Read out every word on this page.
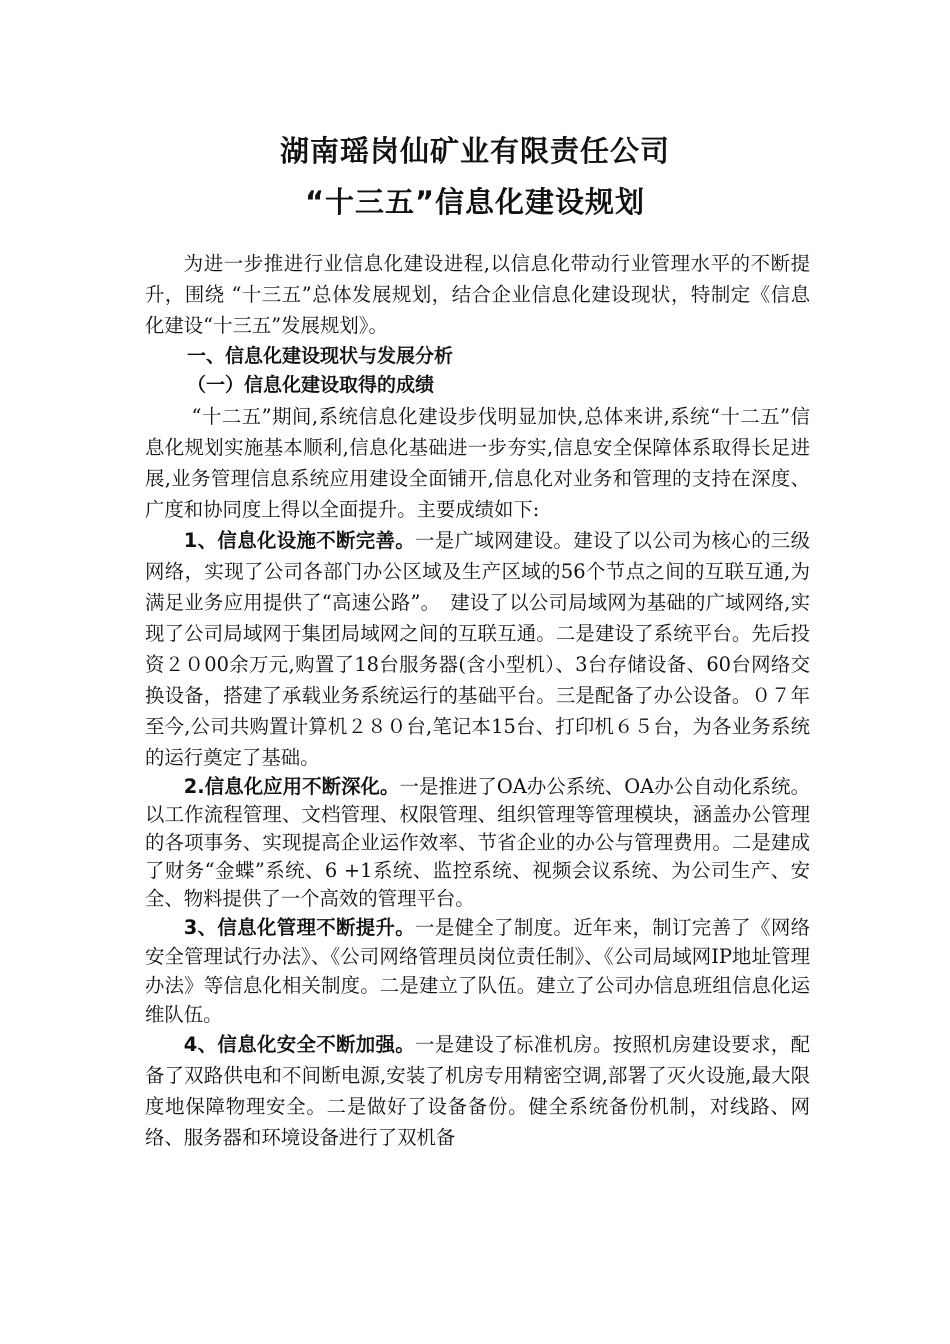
湖南瑶岗仙矿业有限责任公司
“十三五”信息化建设规划

为进一步推进行业信息化建设进程,以信息化带动行业管理水平的不断提升，围绕 “十三五”总体发展规划，结合企业信息化建设现状，特制定《信息化建设“十三五”发展规划》。

一、信息化建设现状与发展分析
（一）信息化建设取得的成绩

“十二五”期间,系统信息化建设步伐明显加快,总体来讲,系统“十二五”信息化规划实施基本顺利,信息化基础进一步夯实,信息安全保障体系取得长足进展,业务管理信息系统应用建设全面铺开,信息化对业务和管理的支持在深度、广度和协同度上得以全面提升。主要成绩如下:

1、信息化设施不断完善。一是广域网建设。建设了以公司为核心的三级网络，实现了公司各部门办公区域及生产区域的56个节点之间的互联互通,为满足业务应用提供了“高速公路”。　建设了以公司局域网为基础的广域网络,实现了公司局域网于集团局域网之间的互联互通。二是建设了系统平台。先后投资２０00余万元,购置了18台服务器(含小型机）、3台存储设备、60台网络交换设备，搭建了承载业务系统运行的基础平台。三是配备了办公设备。０７年至今,公司共购置计算机２８０台,笔记本15台、打印机６５台，为各业务系统的运行奠定了基础。

2.信息化应用不断深化。一是推进了OA办公系统、OA办公自动化系统。以工作流程管理、文档管理、权限管理、组织管理等管理模块，涵盖办公管理的各项事务、实现提高企业运作效率、节省企业的办公与管理费用。二是建成了财务“金蝶”系统、6 +1系统、监控系统、视频会议系统、为公司生产、安全、物料提供了一个高效的管理平台。

3、信息化管理不断提升。一是健全了制度。近年来，制订完善了《网络安全管理试行办法》、《公司网络管理员岗位责任制》、《公司局域网IP地址管理办法》等信息化相关制度。二是建立了队伍。建立了公司办信息班组信息化运维队伍。

4、信息化安全不断加强。一是建设了标准机房。按照机房建设要求，配备了双路供电和不间断电源,安装了机房专用精密空调,部署了灭火设施,最大限度地保障物理安全。二是做好了设备备份。健全系统备份机制，对线路、网络、服务器和环境设备进行了双机备
